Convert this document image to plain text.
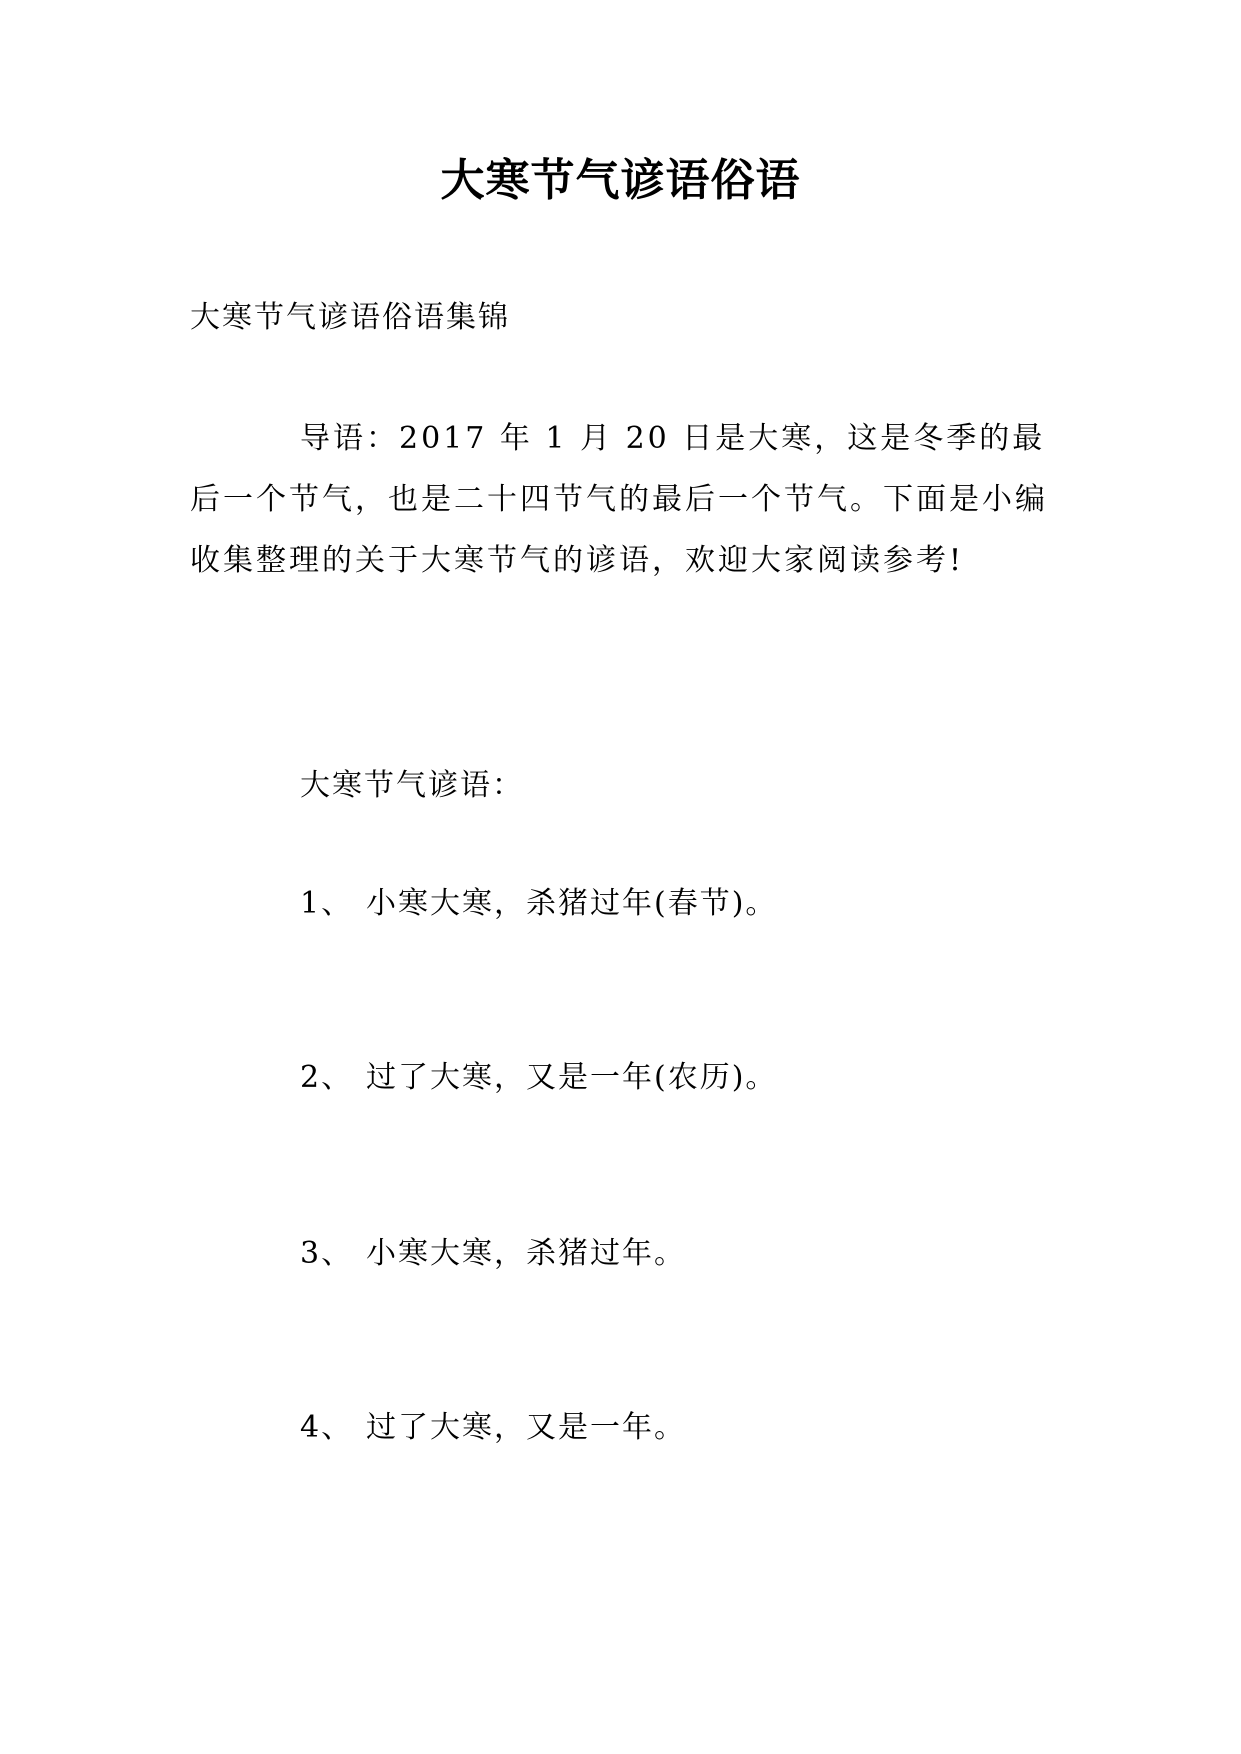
大寒节气谚语俗语
大寒节气谚语俗语集锦
导语：2017 年 1 月 20 日是大寒，这是冬季的最后一个节气，也是二十四节气的最后一个节气。下面是小编收集整理的关于大寒节气的谚语，欢迎大家阅读参考!
大寒节气谚语：
1、 小寒大寒，杀猪过年(春节)。
2、 过了大寒，又是一年(农历)。
3、 小寒大寒，杀猪过年。
4、 过了大寒，又是一年。
